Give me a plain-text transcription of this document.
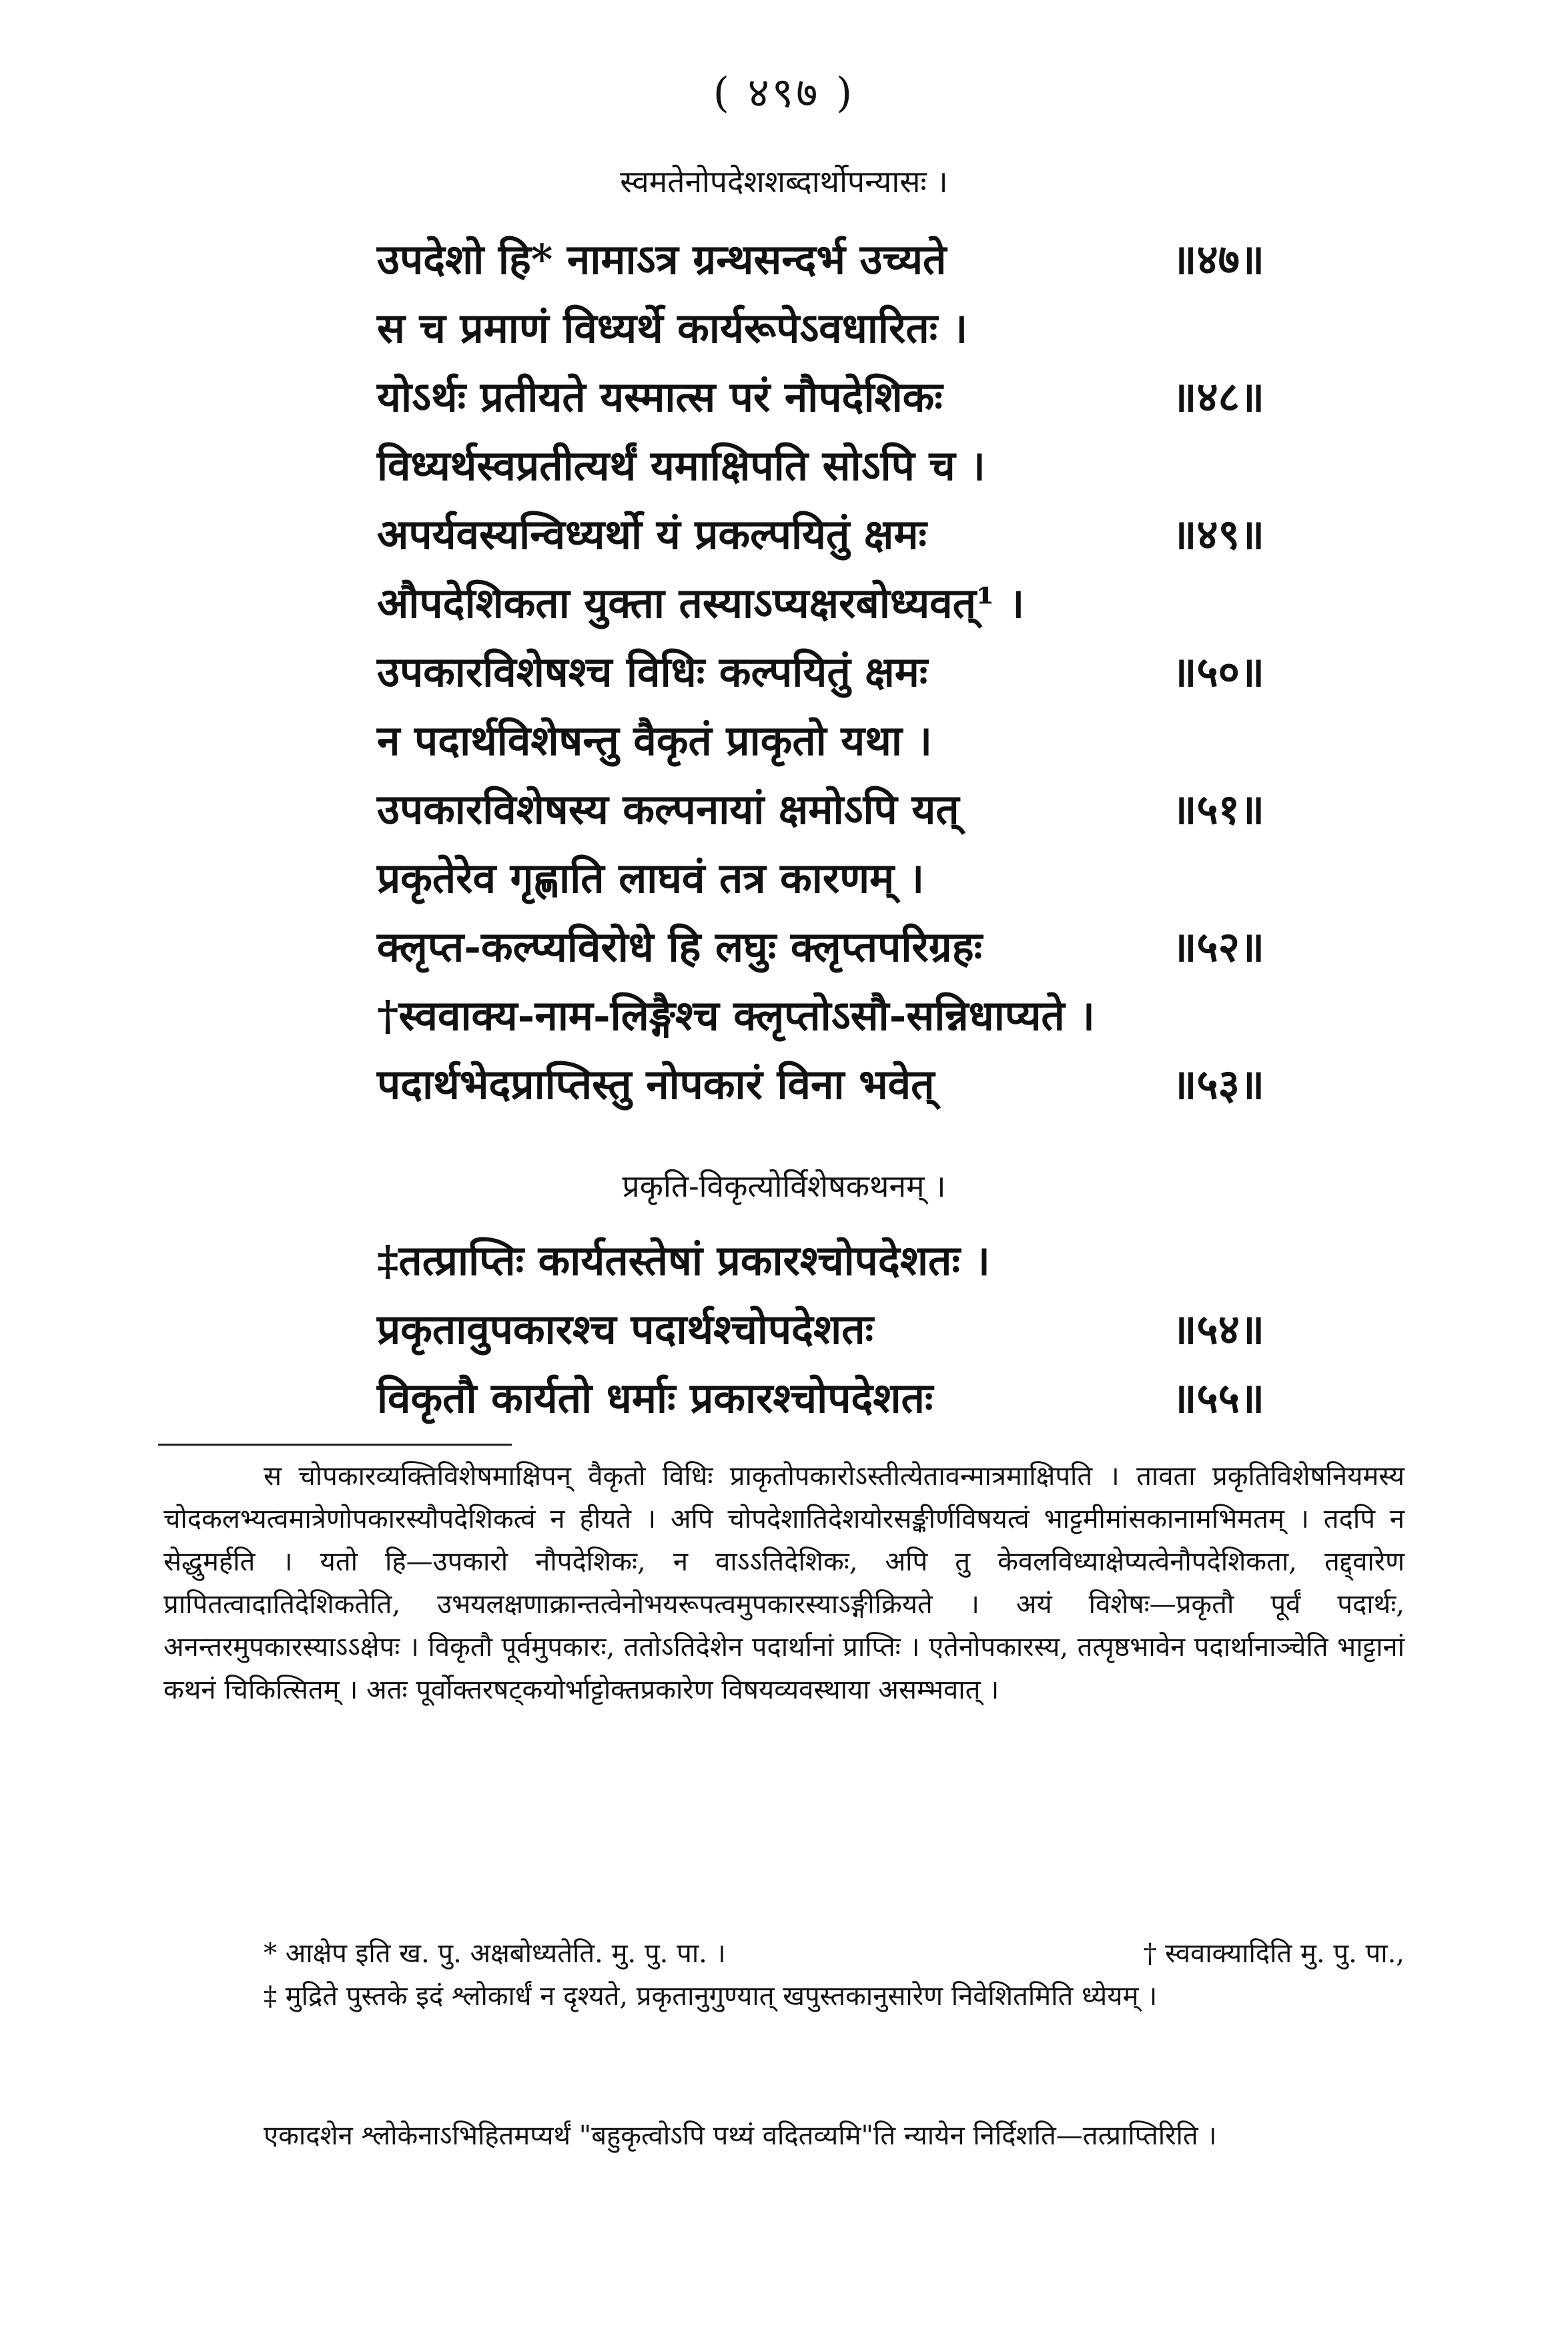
( ४९७ )
स्वमतेनोपदेशशब्दार्थोपन्यासः ।
उपदेशो हि* नामाऽत्र ग्रन्थसन्दर्भ उच्यते	॥४७॥
स च प्रमाणं विध्यर्थे कार्यरूपेऽवधारितः ।
योऽर्थः प्रतीयते यस्मात्स परं नौपदेशिकः	॥४८॥
विध्यर्थस्वप्रतीत्यर्थं यमाक्षिपति सोऽपि च ।
अपर्यवस्यन्विध्यर्थो यं प्रकल्पयितुं क्षमः	॥४९॥
औपदेशिकता युक्ता तस्याऽप्यक्षरबोध्यवत्¹ ।
उपकारविशेषश्च विधिः कल्पयितुं क्षमः	॥५०॥
न पदार्थविशेषन्तु वैकृतं प्राकृतो यथा ।
उपकारविशेषस्य कल्पनायां क्षमोऽपि यत्	॥५१॥
प्रकृतेरेव गृह्णाति लाघवं तत्र कारणम् ।
क्लृप्त-कल्प्यविरोधे हि लघुः क्लृप्तपरिग्रहः	॥५२॥
†स्ववाक्य-नाम-लिङ्गैश्च क्लृप्तोऽसौ-सन्निधाप्यते ।
पदार्थभेदप्राप्तिस्तु नोपकारं विना भवेत्	॥५३॥
प्रकृति-विकृत्योर्विशेषकथनम् ।
‡तत्प्राप्तिः कार्यतस्तेषां प्रकारश्चोपदेशतः ।
प्रकृतावुपकारश्च पदार्थश्चोपदेशतः	॥५४॥
विकृतौ कार्यतो धर्माः प्रकारश्चोपदेशतः	॥५५॥
स चोपकारव्यक्तिविशेषमाक्षिपन् वैकृतो विधिः प्राकृतोपकारोऽस्तीत्येतावन्मात्रमाक्षिपति । तावता प्रकृतिविशेषनियमस्य चोदकलभ्यत्वमात्रेणोपकारस्यौपदेशिकत्वं न हीयते । अपि चोपदेशातिदेशयोरसङ्कीर्णविषयत्वं भाट्टमीमांसकानामभिमतम् । तदपि न सेद्धुमर्हति । यतो हि—उपकारो नौपदेशिकः, न वाऽऽतिदेशिकः, अपि तु केवलविध्याक्षेप्यत्वेनौपदेशिकता, तद्द्वारेण प्रापितत्वादातिदेशिकतेति, उभयलक्षणाक्रान्तत्वेनोभयरूपत्वमुपकारस्याऽङ्गीक्रियते । अयं विशेषः—प्रकृतौ पूर्वं पदार्थः, अनन्तरमुपकारस्याऽऽक्षेपः । विकृतौ पूर्वमुपकारः, ततोऽतिदेशेन पदार्थानां प्राप्तिः । एतेनोपकारस्य, तत्पृष्ठभावेन पदार्थानाञ्चेति भाट्टानां कथनं चिकित्सितम् । अतः पूर्वोक्तरषट्कयोर्भाट्टोक्तप्रकारेण विषयव्यवस्थाया असम्भवात् ।
* आक्षेप इति ख. पु. अक्षबोध्यतेति. मु. पु. पा. ।	† स्ववाक्यादिति मु. पु. पा.,
‡ मुद्रिते पुस्तके इदं श्लोकार्धं न दृश्यते, प्रकृतानुगुण्यात् खपुस्तकानुसारेण निवेशितमिति ध्येयम् ।
एकादशेन श्लोकेनाऽभिहितमप्यर्थं "बहुकृत्वोऽपि पथ्यं वदितव्यमि"ति न्यायेन निर्दिशति—तत्प्राप्तिरिति ।
